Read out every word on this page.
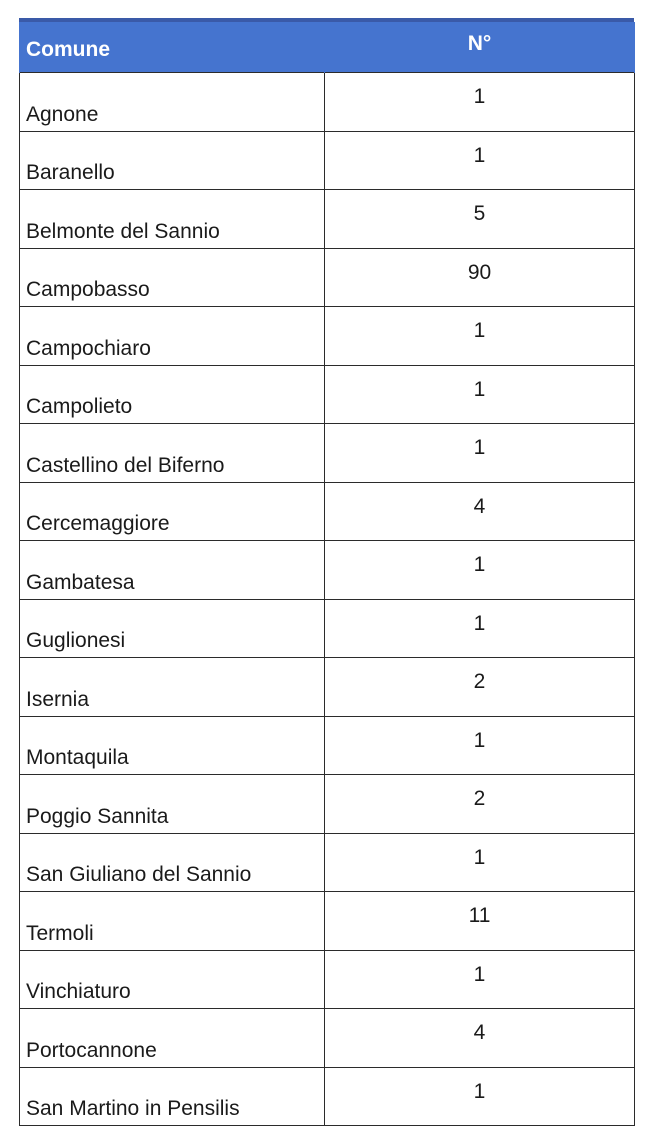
Comune	N°
Agnone	1
Baranello	1
Belmonte del Sannio	5
Campobasso	90
Campochiaro	1
Campolieto	1
Castellino del Biferno	1
Cercemaggiore	4
Gambatesa	1
Guglionesi	1
Isernia	2
Montaquila	1
Poggio Sannita	2
San Giuliano del Sannio	1
Termoli	11
Vinchiaturo	1
Portocannone	4
San Martino in Pensilis	1
